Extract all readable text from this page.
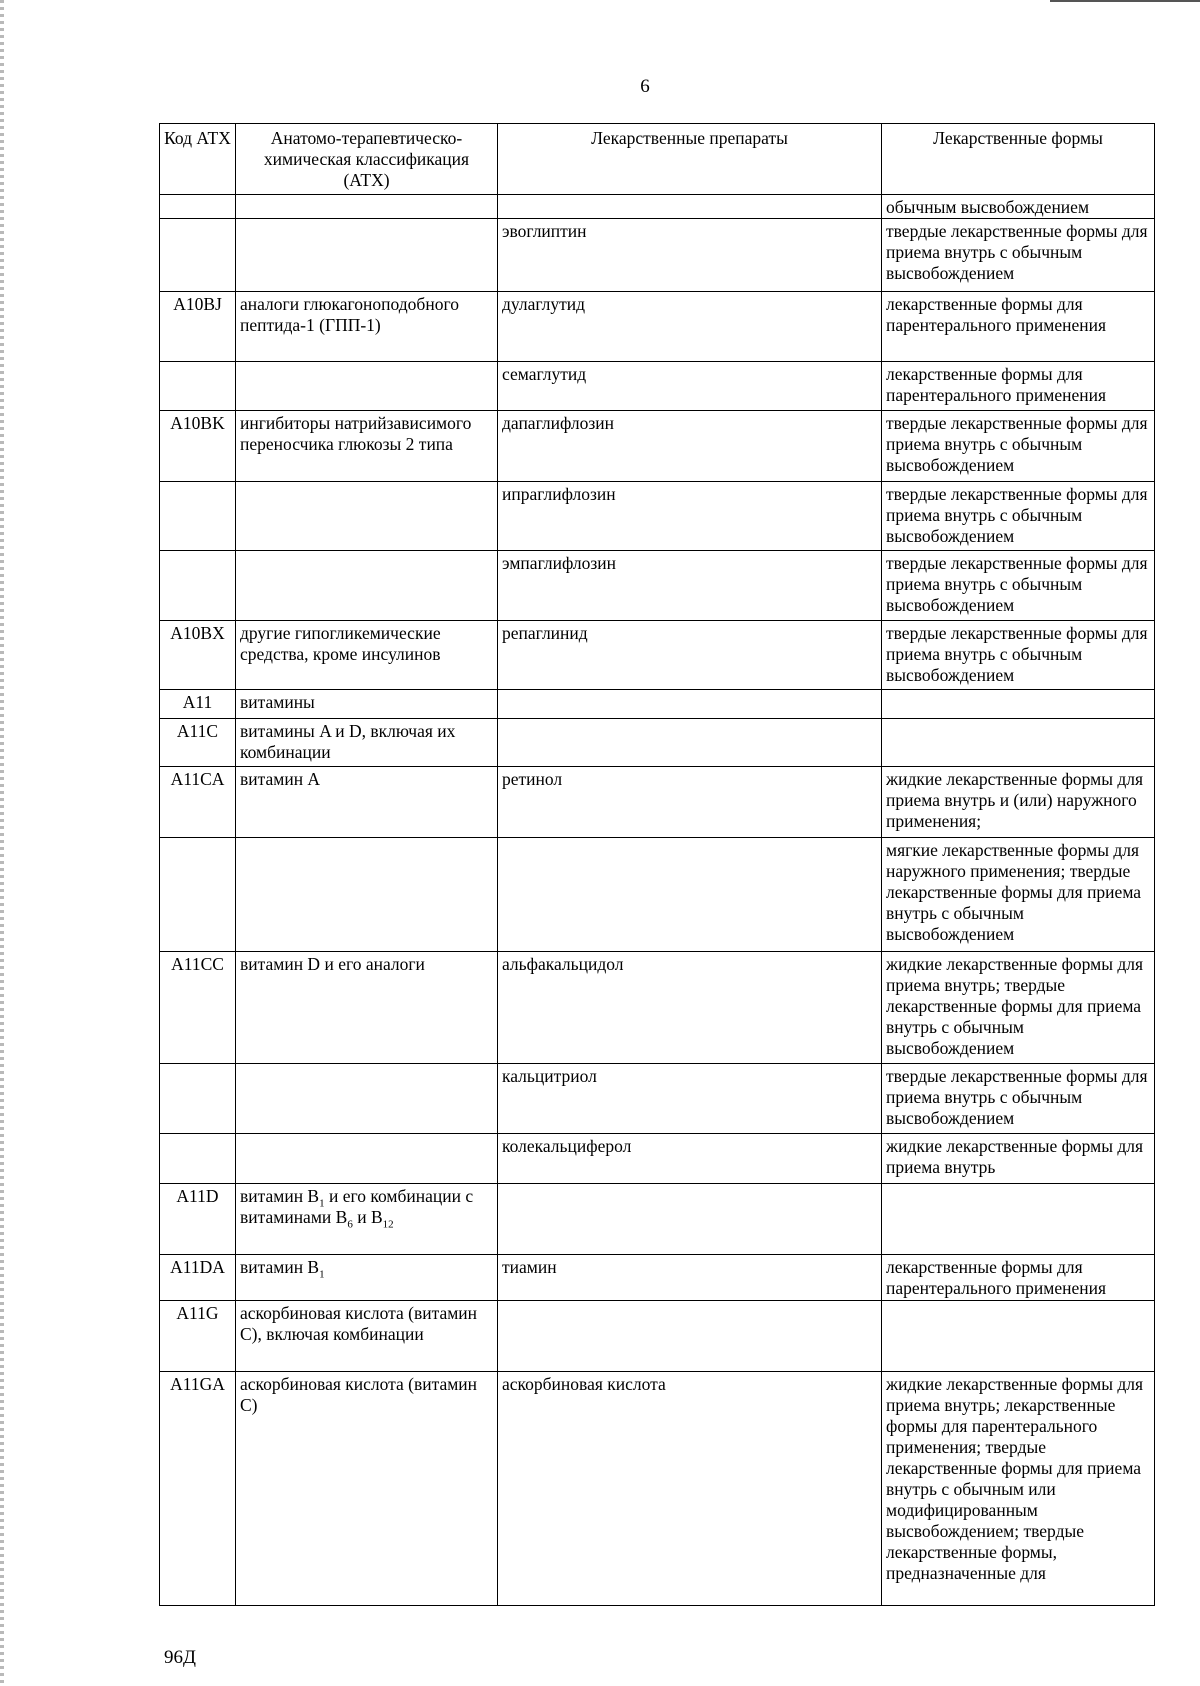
6
Код АТХ	Анатомо-терапевтическо-химическая классификация (АТХ)	Лекарственные препараты	Лекарственные формы
			обычным высвобождением
		эвоглиптин	твердые лекарственные формы для приема внутрь с обычным высвобождением
A10BJ	аналоги глюкагоноподобного пептида-1 (ГПП-1)	дулаглутид	лекарственные формы для парентерального применения
		семаглутид	лекарственные формы для парентерального применения
A10BK	ингибиторы натрийзависимого переносчика глюкозы 2 типа	дапаглифлозин	твердые лекарственные формы для приема внутрь с обычным высвобождением
		ипраглифлозин	твердые лекарственные формы для приема внутрь с обычным высвобождением
		эмпаглифлозин	твердые лекарственные формы для приема внутрь с обычным высвобождением
A10BX	другие гипогликемические средства, кроме инсулинов	репаглинид	твердые лекарственные формы для приема внутрь с обычным высвобождением
A11	витамины		
A11C	витамины A и D, включая их комбинации		
A11CA	витамин А	ретинол	жидкие лекарственные формы для приема внутрь и (или) наружного применения;
			мягкие лекарственные формы для наружного применения; твердые лекарственные формы для приема внутрь с обычным высвобождением
A11CC	витамин D и его аналоги	альфакальцидол	жидкие лекарственные формы для приема внутрь; твердые лекарственные формы для приема внутрь с обычным высвобождением
		кальцитриол	твердые лекарственные формы для приема внутрь с обычным высвобождением
		колекальциферол	жидкие лекарственные формы для приема внутрь
A11D	витамин $B_1$ и его комбинации с витаминами $B_6$ и $B_{12}$		
A11DA	витамин $B_1$	тиамин	лекарственные формы для парентерального применения
A11G	аскорбиновая кислота (витамин С), включая комбинации		
A11GA	аскорбиновая кислота (витамин С)	аскорбиновая кислота	жидкие лекарственные формы для приема внутрь; лекарственные формы для парентерального применения; твердые лекарственные формы для приема внутрь с обычным или модифицированным высвобождением; твердые лекарственные формы, предназначенные для
96Д
